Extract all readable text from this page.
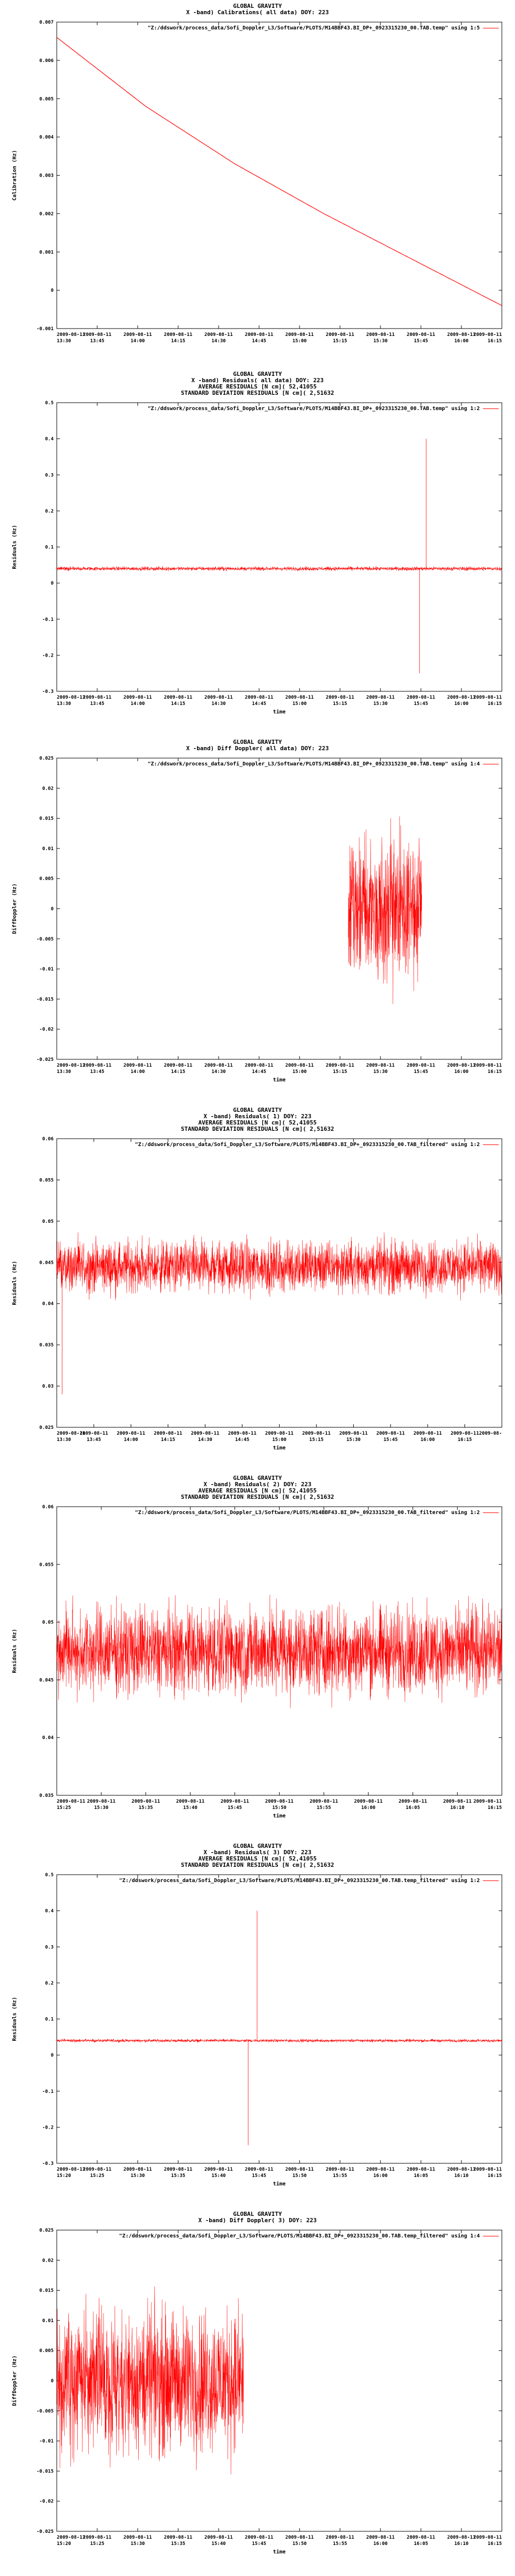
GLOBAL GRAVITY
X -band) Calibrations( all data) DOY: 223
0.007
0.006
0.005
0.004
0.003
0.002
0.001
0
-0.001
2009-08-11
13:30
2009-08-11
13:45
2009-08-11
14:00
2009-08-11
14:15
2009-08-11
14:30
2009-08-11
14:45
2009-08-11
15:00
2009-08-11
15:15
2009-08-11
15:30
2009-08-11
15:45
2009-08-11
16:00
2009-08-11
16:15
"Z:/ddswork/process_data/Sofi_Doppler_L3/Software/PLOTS/M14BBF43.BI_DP+_0923315230_00.TAB.temp" using 1:5
Calibration (Hz)
GLOBAL GRAVITY
X -band) Residuals( all data) DOY: 223
AVERAGE RESIDUALS [N cm]( 52,41055
STANDARD DEVIATION RESIDUALS [N cm]( 2,51632
0.5
0.4
0.3
0.2
0.1
0
-0.1
-0.2
-0.3
2009-08-11
13:30
2009-08-11
13:45
2009-08-11
14:00
2009-08-11
14:15
2009-08-11
14:30
2009-08-11
14:45
2009-08-11
15:00
2009-08-11
15:15
2009-08-11
15:30
2009-08-11
15:45
2009-08-11
16:00
2009-08-11
16:15
"Z:/ddswork/process_data/Sofi_Doppler_L3/Software/PLOTS/M14BBF43.BI_DP+_0923315230_00.TAB.temp" using 1:2
Residuals (Hz)
time
GLOBAL GRAVITY
X -band) Diff Doppler( all data) DOY: 223
0.025
0.02
0.015
0.01
0.005
0
-0.005
-0.01
-0.015
-0.02
-0.025
2009-08-11
13:30
2009-08-11
13:45
2009-08-11
14:00
2009-08-11
14:15
2009-08-11
14:30
2009-08-11
14:45
2009-08-11
15:00
2009-08-11
15:15
2009-08-11
15:30
2009-08-11
15:45
2009-08-11
16:00
2009-08-11
16:15
"Z:/ddswork/process_data/Sofi_Doppler_L3/Software/PLOTS/M14BBF43.BI_DP+_0923315230_00.TAB.temp" using 1:4
DiffDoppler (Hz)
time
GLOBAL GRAVITY
X -band) Residuals( 1) DOY: 223
AVERAGE RESIDUALS [N cm]( 52,41055
STANDARD DEVIATION RESIDUALS [N cm]( 2,51632
0.06
0.055
0.05
0.045
0.04
0.035
0.03
0.025
2009-08-11
13:30
2009-08-11
13:45
2009-08-11
14:00
2009-08-11
14:15
2009-08-11
14:30
2009-08-11
14:45
2009-08-11
15:00
2009-08-11
15:15
2009-08-11
15:30
2009-08-11
15:45
2009-08-11
16:00
2009-08-11
16:15
2009-08-
"Z:/ddswork/process_data/Sofi_Doppler_L3/Software/PLOTS/M14BBF43.BI_DP+_0923315230_00.TAB_filtered" using 1:2
Residuals (Hz)
time
GLOBAL GRAVITY
X -band) Residuals( 2) DOY: 223
AVERAGE RESIDUALS [N cm]( 52,41055
STANDARD DEVIATION RESIDUALS [N cm]( 2,51632
0.06
0.055
0.05
0.045
0.04
0.035
2009-08-11
15:25
2009-08-11
15:30
2009-08-11
15:35
2009-08-11
15:40
2009-08-11
15:45
2009-08-11
15:50
2009-08-11
15:55
2009-08-11
16:00
2009-08-11
16:05
2009-08-11
16:10
2009-08-11
16:15
"Z:/ddswork/process_data/Sofi_Doppler_L3/Software/PLOTS/M14BBF43.BI_DP+_0923315230_00.TAB_filtered" using 1:2
Residuals (Hz)
time
GLOBAL GRAVITY
X -band) Residuals( 3) DOY: 223
AVERAGE RESIDUALS [N cm]( 52,41055
STANDARD DEVIATION RESIDUALS [N cm]( 2,51632
0.5
0.4
0.3
0.2
0.1
0
-0.1
-0.2
-0.3
2009-08-11
15:20
2009-08-11
15:25
2009-08-11
15:30
2009-08-11
15:35
2009-08-11
15:40
2009-08-11
15:45
2009-08-11
15:50
2009-08-11
15:55
2009-08-11
16:00
2009-08-11
16:05
2009-08-11
16:10
2009-08-11
16:15
"Z:/ddswork/process_data/Sofi_Doppler_L3/Software/PLOTS/M14BBF43.BI_DP+_0923315230_00.TAB.temp_filtered" using 1:2
Residuals (Hz)
time
GLOBAL GRAVITY
X -band) Diff Doppler( 3) DOY: 223
0.025
0.02
0.015
0.01
0.005
0
-0.005
-0.01
-0.015
-0.02
-0.025
2009-08-11
15:20
2009-08-11
15:25
2009-08-11
15:30
2009-08-11
15:35
2009-08-11
15:40
2009-08-11
15:45
2009-08-11
15:50
2009-08-11
15:55
2009-08-11
16:00
2009-08-11
16:05
2009-08-11
16:10
2009-08-11
16:15
"Z:/ddswork/process_data/Sofi_Doppler_L3/Software/PLOTS/M14BBF43.BI_DP+_0923315230_00.TAB.temp_filtered" using 1:4
DiffDoppler (Hz)
time
